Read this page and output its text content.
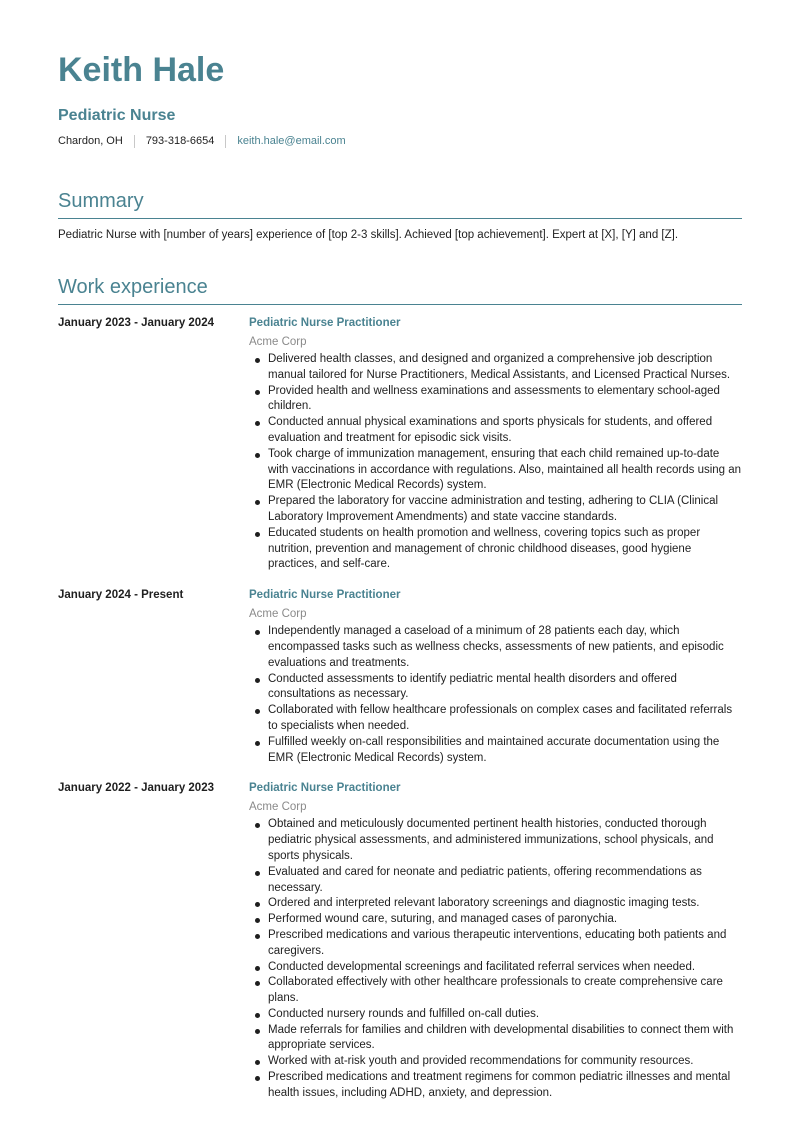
Keith Hale
Pediatric Nurse
Chardon, OH 793-318-6654 keith.hale@email.com
Summary
Pediatric Nurse with [number of years] experience of [top 2-3 skills]. Achieved [top achievement]. Expert at [X], [Y] and [Z].
Work experience
January 2023 - January 2024	Pediatric Nurse Practitioner
Acme Corp
Delivered health classes, and designed and organized a comprehensive job description manual tailored for Nurse Practitioners, Medical Assistants, and Licensed Practical Nurses.
Provided health and wellness examinations and assessments to elementary school-aged children.
Conducted annual physical examinations and sports physicals for students, and offered evaluation and treatment for episodic sick visits.
Took charge of immunization management, ensuring that each child remained up-to-date with vaccinations in accordance with regulations. Also, maintained all health records using an EMR (Electronic Medical Records) system.
Prepared the laboratory for vaccine administration and testing, adhering to CLIA (Clinical Laboratory Improvement Amendments) and state vaccine standards.
Educated students on health promotion and wellness, covering topics such as proper nutrition, prevention and management of chronic childhood diseases, good hygiene practices, and self-care.
January 2024 - Present	Pediatric Nurse Practitioner
Acme Corp
Independently managed a caseload of a minimum of 28 patients each day, which encompassed tasks such as wellness checks, assessments of new patients, and episodic evaluations and treatments.
Conducted assessments to identify pediatric mental health disorders and offered consultations as necessary.
Collaborated with fellow healthcare professionals on complex cases and facilitated referrals to specialists when needed.
Fulfilled weekly on-call responsibilities and maintained accurate documentation using the EMR (Electronic Medical Records) system.
January 2022 - January 2023	Pediatric Nurse Practitioner
Acme Corp
Obtained and meticulously documented pertinent health histories, conducted thorough pediatric physical assessments, and administered immunizations, school physicals, and sports physicals.
Evaluated and cared for neonate and pediatric patients, offering recommendations as necessary.
Ordered and interpreted relevant laboratory screenings and diagnostic imaging tests.
Performed wound care, suturing, and managed cases of paronychia.
Prescribed medications and various therapeutic interventions, educating both patients and caregivers.
Conducted developmental screenings and facilitated referral services when needed.
Collaborated effectively with other healthcare professionals to create comprehensive care plans.
Conducted nursery rounds and fulfilled on-call duties.
Made referrals for families and children with developmental disabilities to connect them with appropriate services.
Worked with at-risk youth and provided recommendations for community resources.
Prescribed medications and treatment regimens for common pediatric illnesses and mental health issues, including ADHD, anxiety, and depression.
